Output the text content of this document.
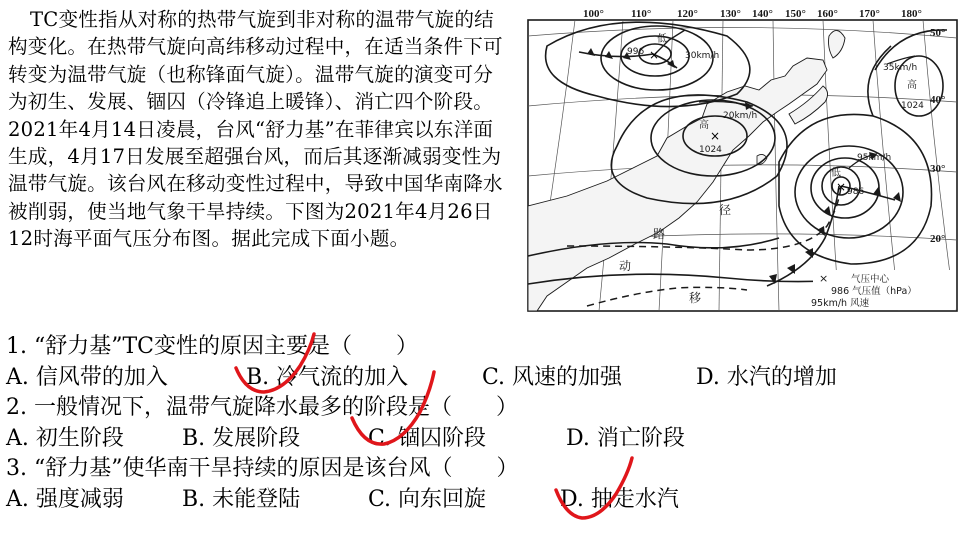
TC变性指从对称的热带气旋到非对称的温带气旋的结构变化。在热带气旋向高纬移动过程中，在适当条件下可转变为温带气旋（也称锋面气旋）。温带气旋的演变可分为初生、发展、锢囚（冷锋追上暖锋）、消亡四个阶段。2021年4月14日凌晨，台风“舒力基”在菲律宾以东洋面生成，4月17日发展至超强台风，而后其逐渐减弱变性为温带气旋。该台风在移动变性过程中，导致中国华南降水被削弱，使当地气象干旱持续。下图为2021年4月26日12时海平面气压分布图。据此完成下面小题。
×
×
×
100° 110° 120° 130° 140° 150° 160° 170° 180°
50°
40°
30°
20°
低
996	30km/h
20km/h
高
1024
35km/h
高
1024
低
986
95km/h
径
路
动
移
× 气压中心
986 气压值（hPa）
95km/h 风速
1. “舒力基”TC变性的原因主要是（　　）
A. 信风带的加入	B. 冷气流的加入	C. 风速的加强	D. 水汽的增加
2. 一般情况下，温带气旋降水最多的阶段是（　　）
A. 初生阶段	B. 发展阶段	C. 锢囚阶段	D. 消亡阶段
3. “舒力基”使华南干旱持续的原因是该台风（　　）
A. 强度减弱	B. 未能登陆	C. 向东回旋	D. 抽走水汽
